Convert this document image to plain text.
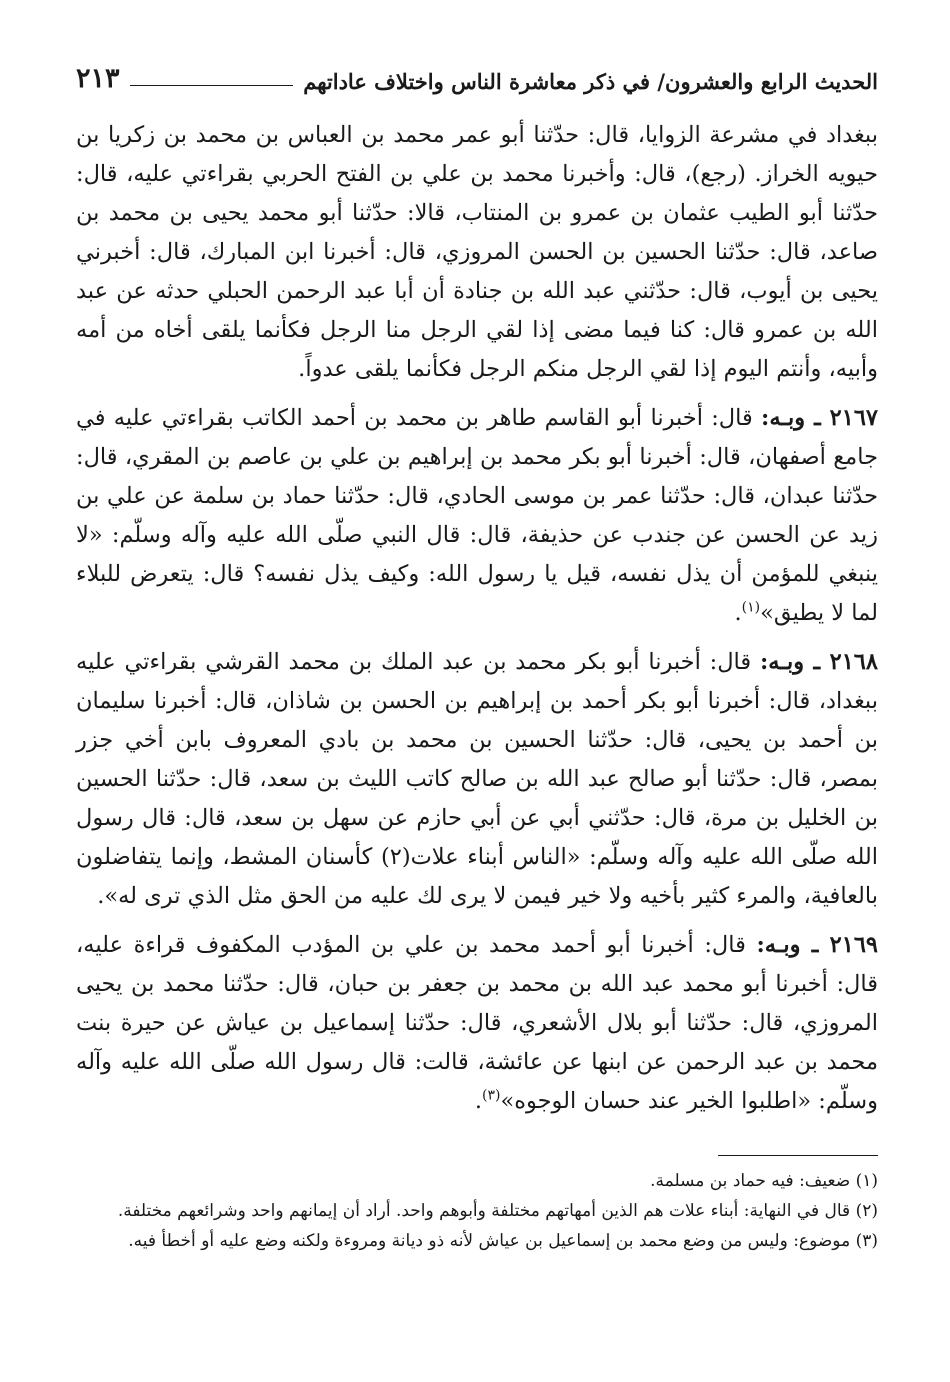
الحديث الرابع والعشرون/ في ذكر معاشرة الناس واختلاف عاداتهم
٢١٣

ببغداد في مشرعة الزوايا، قال: حدّثنا أبو عمر محمد بن العباس بن محمد بن زكريا بن حيويه الخراز. (رجع)، قال: وأخبرنا محمد بن علي بن الفتح الحربي بقراءتي عليه، قال: حدّثنا أبو الطيب عثمان بن عمرو بن المنتاب، قالا: حدّثنا أبو محمد يحيى بن محمد بن صاعد، قال: حدّثنا الحسين بن الحسن المروزي، قال: أخبرنا ابن المبارك، قال: أخبرني يحيى بن أيوب، قال: حدّثني عبد الله بن جنادة أن أبا عبد الرحمن الحبلي حدثه عن عبد الله بن عمرو قال: كنا فيما مضى إذا لقي الرجل منا الرجل فكأنما يلقى أخاه من أمه وأبيه، وأنتم اليوم إذا لقي الرجل منكم الرجل فكأنما يلقى عدواً.

٢١٦٧ ـ وبـه: قال: أخبرنا أبو القاسم طاهر بن محمد بن أحمد الكاتب بقراءتي عليه في جامع أصفهان، قال: أخبرنا أبو بكر محمد بن إبراهيم بن علي بن عاصم بن المقري، قال: حدّثنا عبدان، قال: حدّثنا عمر بن موسى الحادي، قال: حدّثنا حماد بن سلمة عن علي بن زيد عن الحسن عن جندب عن حذيفة، قال: قال النبي صلّى الله عليه وآله وسلّم: «لا ينبغي للمؤمن أن يذل نفسه، قيل يا رسول الله: وكيف يذل نفسه؟ قال: يتعرض للبلاء لما لا يطيق»$^{(١)}$.

٢١٦٨ ـ وبـه: قال: أخبرنا أبو بكر محمد بن عبد الملك بن محمد القرشي بقراءتي عليه ببغداد، قال: أخبرنا أبو بكر أحمد بن إبراهيم بن الحسن بن شاذان، قال: أخبرنا سليمان بن أحمد بن يحيى، قال: حدّثنا الحسين بن محمد بن بادي المعروف بابن أخي جزر بمصر، قال: حدّثنا أبو صالح عبد الله بن صالح كاتب الليث بن سعد، قال: حدّثنا الحسين بن الخليل بن مرة، قال: حدّثني أبي عن أبي حازم عن سهل بن سعد، قال: قال رسول الله صلّى الله عليه وآله وسلّم: «الناس أبناء علات(٢) كأسنان المشط، وإنما يتفاضلون بالعافية، والمرء كثير بأخيه ولا خير فيمن لا يرى لك عليه من الحق مثل الذي ترى له».

٢١٦٩ ـ وبـه: قال: أخبرنا أبو أحمد محمد بن علي بن المؤدب المكفوف قراءة عليه، قال: أخبرنا أبو محمد عبد الله بن محمد بن جعفر بن حبان، قال: حدّثنا محمد بن يحيى المروزي، قال: حدّثنا أبو بلال الأشعري، قال: حدّثنا إسماعيل بن عياش عن حيرة بنت محمد بن عبد الرحمن عن ابنها عن عائشة، قالت: قال رسول الله صلّى الله عليه وآله وسلّم: «اطلبوا الخير عند حسان الوجوه»$^{(٣)}$.

(١) ضعيف: فيه حماد بن مسلمة.

(٢) قال في النهاية: أبناء علات هم الذين أمهاتهم مختلفة وأبوهم واحد. أراد أن إيمانهم واحد وشرائعهم مختلفة.

(٣) موضوع: وليس من وضع محمد بن إسماعيل بن عياش لأنه ذو ديانة ومروءة ولكنه وضع عليه أو أخطأ فيه.
